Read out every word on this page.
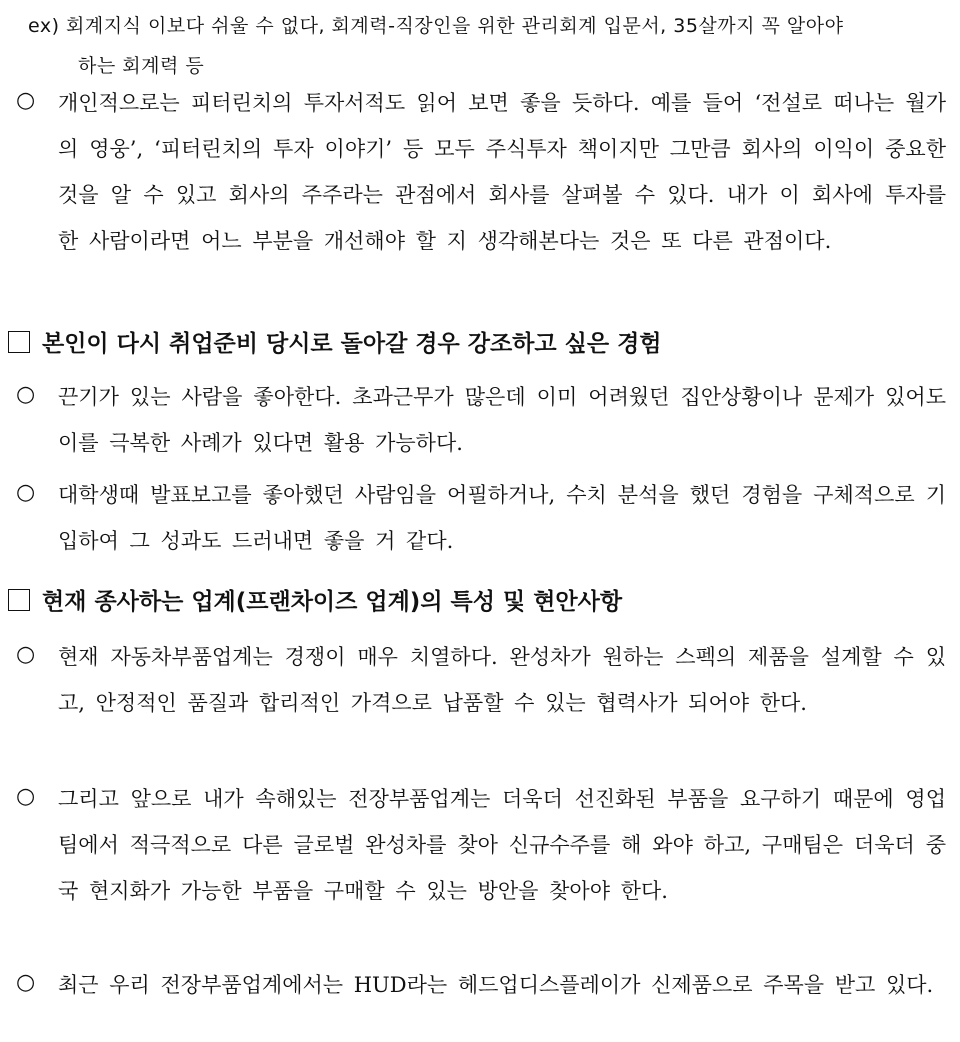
ex) 회계지식 이보다 쉬울 수 없다, 회계력-직장인을 위한 관리회계 입문서, 35살까지 꼭 알아야
하는 회계력 등
○ 개인적으로는 피터린치의 투자서적도 읽어 보면 좋을 듯하다. 예를 들어 ‘전설로 떠나는 월가의 영웅’, ‘피터린치의 투자 이야기’ 등 모두 주식투자 책이지만 그만큼 회사의 이익이 중요한 것을 알 수 있고 회사의 주주라는 관점에서 회사를 살펴볼 수 있다. 내가 이 회사에 투자를 한 사람이라면 어느 부분을 개선해야 할 지 생각해본다는 것은 또 다른 관점이다.
본인이 다시 취업준비 당시로 돌아갈 경우 강조하고 싶은 경험
○ 끈기가 있는 사람을 좋아한다. 초과근무가 많은데 이미 어려웠던 집안상황이나 문제가 있어도 이를 극복한 사례가 있다면 활용 가능하다.
○ 대학생때 발표보고를 좋아했던 사람임을 어필하거나, 수치 분석을 했던 경험을 구체적으로 기입하여 그 성과도 드러내면 좋을 거 같다.
현재 종사하는 업계(프랜차이즈 업계)의 특성 및 현안사항
○ 현재 자동차부품업계는 경쟁이 매우 치열하다. 완성차가 원하는 스펙의 제품을 설계할 수 있고, 안정적인 품질과 합리적인 가격으로 납품할 수 있는 협력사가 되어야 한다.
○ 그리고 앞으로 내가 속해있는 전장부품업계는 더욱더 선진화된 부품을 요구하기 때문에 영업팀에서 적극적으로 다른 글로벌 완성차를 찾아 신규수주를 해 와야 하고, 구매팀은 더욱더 중국 현지화가 가능한 부품을 구매할 수 있는 방안을 찾아야 한다.
○ 최근 우리 전장부품업계에서는 HUD라는 헤드업디스플레이가 신제품으로 주목을 받고 있다.
